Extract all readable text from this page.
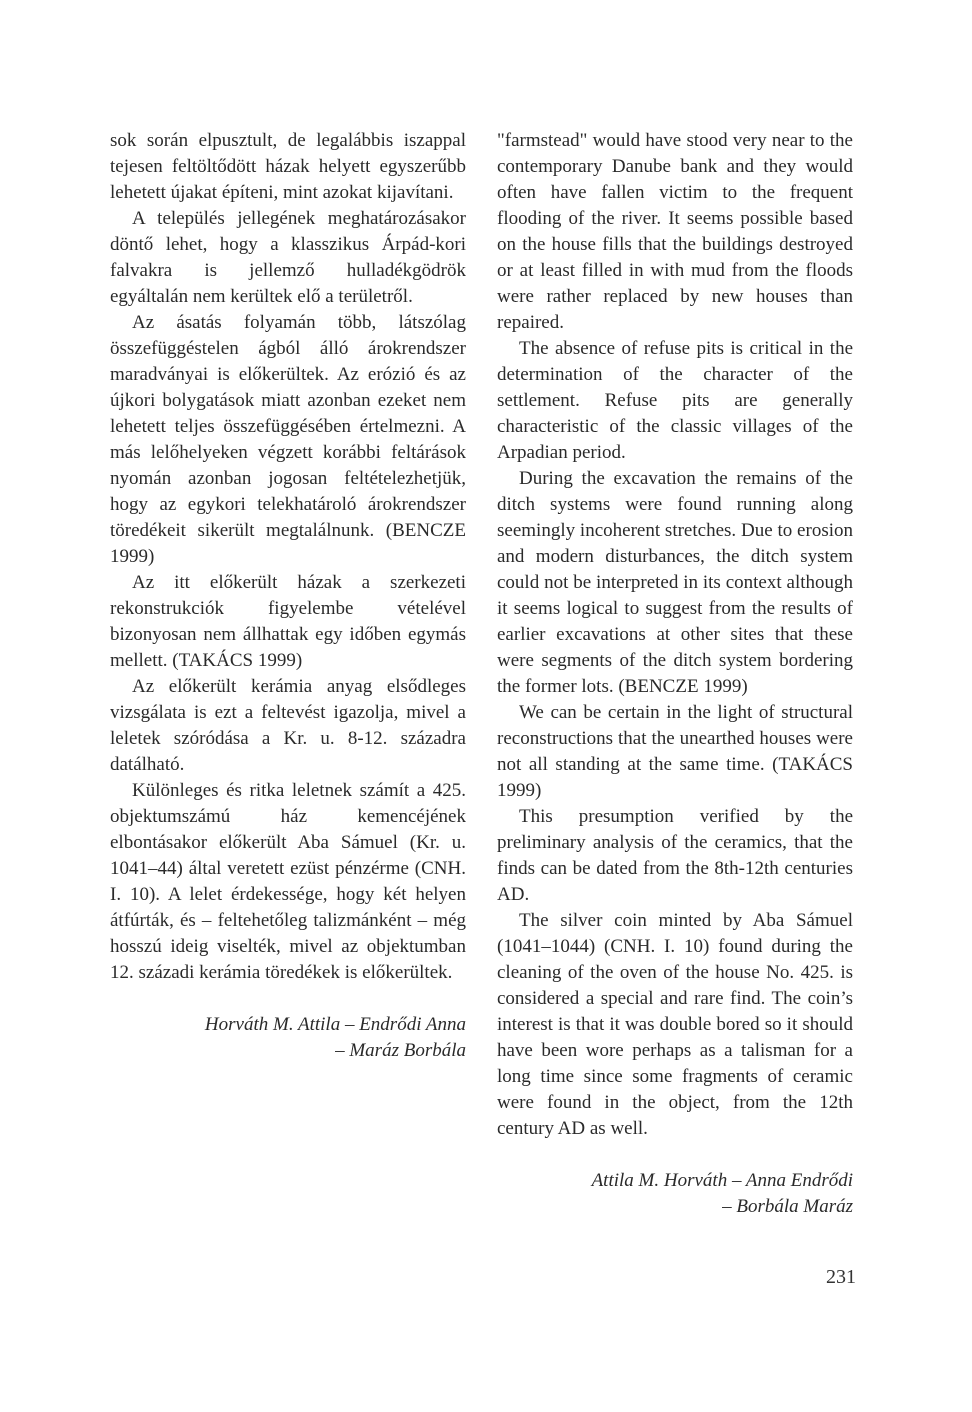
sok során elpusztult, de legalábbis iszappal tejesen feltöltődött házak helyett egyszerűbb lehetett újakat építeni, mint azokat kijavítani.

A település jellegének meghatározásakor döntő lehet, hogy a klasszikus Árpád-kori falvakra is jellemző hulladékgödrök egyáltalán nem kerültek elő a területről.

Az ásatás folyamán több, látszólag összefüggéstelen ágból álló árokrendszer maradványai is előkerültek. Az erózió és az újkori bolygatások miatt azonban ezeket nem lehetett teljes összefüggésében értelmezni. A más lelőhelyeken végzett korábbi feltárások nyomán azonban jogosan feltételezhetjük, hogy az egykori telekhatároló árokrendszer töredékeit sikerült megtalálnunk. (BENCZE 1999)

Az itt előkerült házak a szerkezeti rekonstrukciók figyelembe vételével bizonyosan nem állhattak egy időben egymás mellett. (TAKÁCS 1999)

Az előkerült kerámia anyag elsődleges vizsgálata is ezt a feltevést igazolja, mivel a leletek szóródása a Kr. u. 8-12. századra datálható.

Különleges és ritka leletnek számít a 425. objektumszámú ház kemencéjének elbontásakor előkerült Aba Sámuel (Kr. u. 1041–44) által veretett ezüst pénzérme (CNH. I. 10). A lelet érdekessége, hogy két helyen átfúrták, és – feltehetőleg talizmánként – még hosszú ideig viselték, mivel az objektumban 12. századi kerámia töredékek is előkerültek.

Horváth M. Attila – Endrődi Anna
– Maráz Borbála

"farmstead" would have stood very near to the contemporary Danube bank and they would often have fallen victim to the frequent flooding of the river. It seems possible based on the house fills that the buildings destroyed or at least filled in with mud from the floods were rather replaced by new houses than repaired.

The absence of refuse pits is critical in the determination of the character of the settlement. Refuse pits are generally characteristic of the classic villages of the Arpadian period.

During the excavation the remains of the ditch systems were found running along seemingly incoherent stretches. Due to erosion and modern disturbances, the ditch system could not be interpreted in its context although it seems logical to suggest from the results of earlier excavations at other sites that these were segments of the ditch system bordering the former lots. (BENCZE 1999)

We can be certain in the light of structural reconstructions that the unearthed houses were not all standing at the same time. (TAKÁCS 1999)

This presumption verified by the preliminary analysis of the ceramics, that the finds can be dated from the 8th-12th centuries AD.

The silver coin minted by Aba Sámuel (1041–1044) (CNH. I. 10) found during the cleaning of the oven of the house No. 425. is considered a special and rare find. The coin’s interest is that it was double bored so it should have been wore perhaps as a talisman for a long time since some fragments of ceramic were found in the object, from the 12th century AD as well.

Attila M. Horváth – Anna Endrődi
– Borbála Maráz
231
